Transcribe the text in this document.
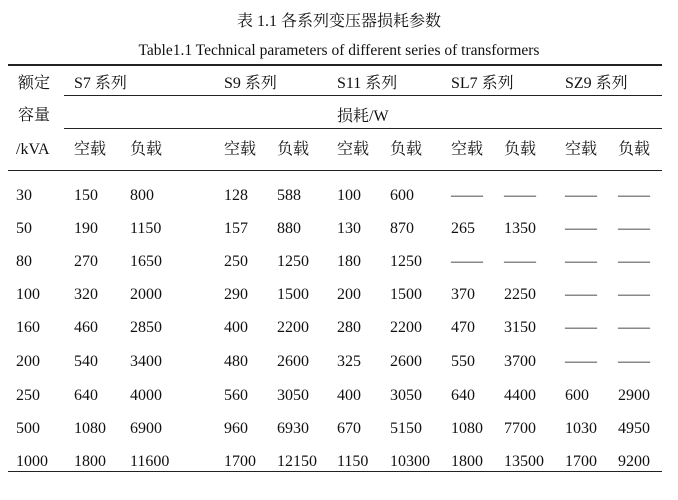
表 1.1 各系列变压器损耗参数
Table1.1 Technical parameters of different series of transformers
额定
容量
/kVA
S7 系列	S9 系列	S11 系列	SL7 系列	SZ9 系列
损耗/W
空载 负载	空载 负载 空载 负载 空载 负载 空载 负载
30	150 800	128 588 100 600 —— —— —— ——
50	190 1150	157 880 130 870 265 1350 —— ——
80	270 1650	250 1250 180 1250 —— —— —— ——
100 320 2000	290 1500 200 1500 370 2250 —— ——
160 460 2850	400 2200 280 2200 470 3150 —— ——
200 540 3400	480 2600 325 2600 550 3700 —— ——
250 640 4000	560 3050 400 3050 640 4400 600 2900
500 1080 6900	960 6930 670 5150 1080 7700 1030 4950
1000 1800 11600	1700 12150 1150 10300 1800 13500 1700 9200
